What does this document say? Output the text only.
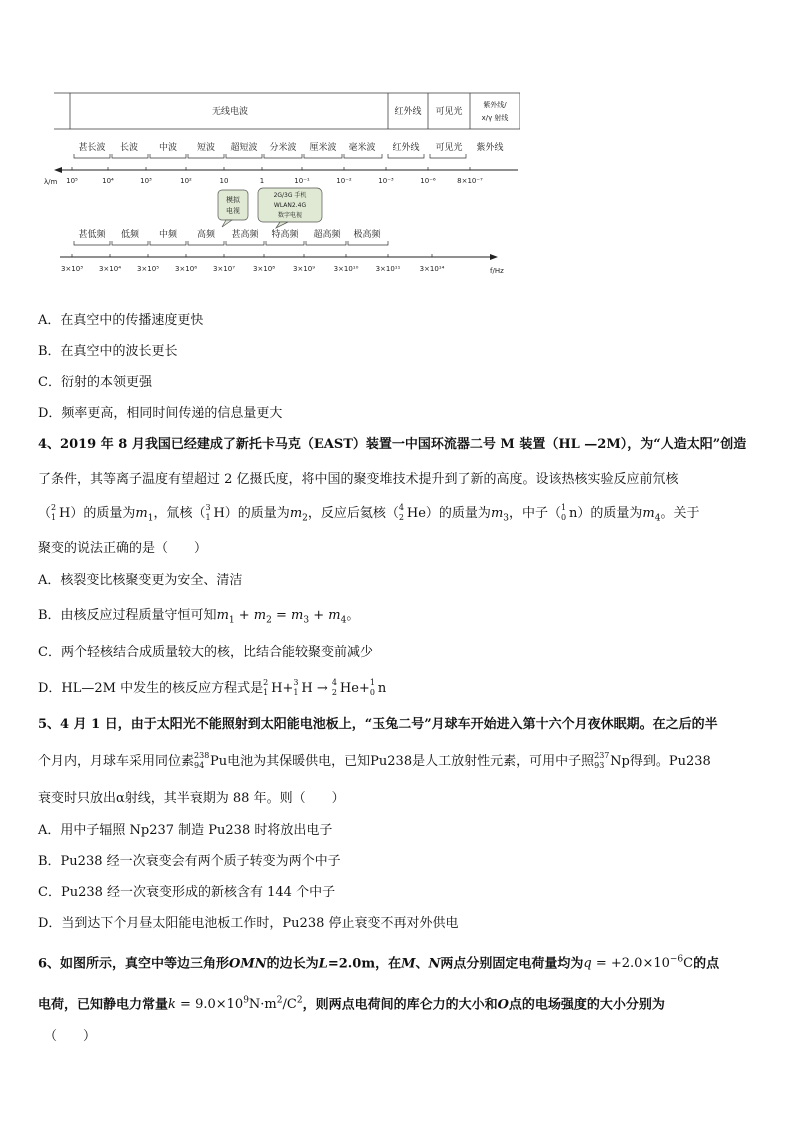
无线电波	红外线 可见光
紫外线/
x/γ 射线
甚长波 长波 中波 短波 超短波 分米波 厘米波 毫米波 红外线 可见光 紫外线
λ/m 10⁵	10⁴	10³	10²	10	1	10⁻¹	10⁻²	10⁻³	10⁻⁶	8×10⁻⁷
模拟
电视
2G/3G 手机
WLAN2.4G
数字电视
甚低频 低频 中频 高频 甚高频 特高频 超高频 极高频
f/Hz
3×10³ 3×10⁴ 3×10⁵ 3×10⁶ 3×10⁷	3×10⁸	3×10⁹	3×10¹⁰ 3×10¹¹	3×10¹⁴
A．在真空中的传播速度更快
B．在真空中的波长更长
C．衍射的本领更强
D．频率更高，相同时间传递的信息量更大
4、2019 年 8 月我国已经建成了新托卡马克（EAST）装置一中国环流器二号 M 装置（HL —2M），为“人造太阳”创造
了条件，其等离子温度有望超过 2 亿摄氏度，将中国的聚变堆技术提升到了新的高度。设该热核实验反应前氘核
（ 2
1 H）的质量为$m_1$，氚核（ 3
1 H）的质量为$m_2$，反应后氦核（ 4
2 He）的质量为$m_3$，中子（ 1
0 n）的质量为$m_4$。关于
聚变的说法正确的是（　　）
A．核裂变比核聚变更为安全、清洁
B．由核反应过程质量守恒可知$m_1 + m_2 = m_3 + m_4$。
C．两个轻核结合成质量较大的核，比结合能较聚变前减少
D．HL—2M 中发生的核反应方程式是 2
1 H+ 3
1 H → 4
2 He+ 1
0 n
5、4 月 1 日，由于太阳光不能照射到太阳能电池板上，“玉兔二号”月球车开始进入第十六个月夜休眠期。在之后的半
个月内，月球车采用同位素 238
94 Pu电池为其保暖供电，已知Pu238是人工放射性元素，可用中子照 237
93 Np得到。Pu238
衰变时只放出α射线，其半衰期为 88 年。则（　　）
A．用中子辐照 Np237 制造 Pu238 时将放出电子
B．Pu238 经一次衰变会有两个质子转变为两个中子
C．Pu238 经一次衰变形成的新核含有 144 个中子
D．当到达下个月昼太阳能电池板工作时，Pu238 停止衰变不再对外供电
6、如图所示，真空中等边三角形OMN的边长为L=2.0m，在M、N两点分别固定电荷量均为$q = +2.0\times 10^{-6}C$的点
电荷，已知静电力常量$k = 9.0\times 10^9N\cdot m^2/C^2$，则两点电荷间的库仑力的大小和O点的电场强度的大小分别为
（　　）
